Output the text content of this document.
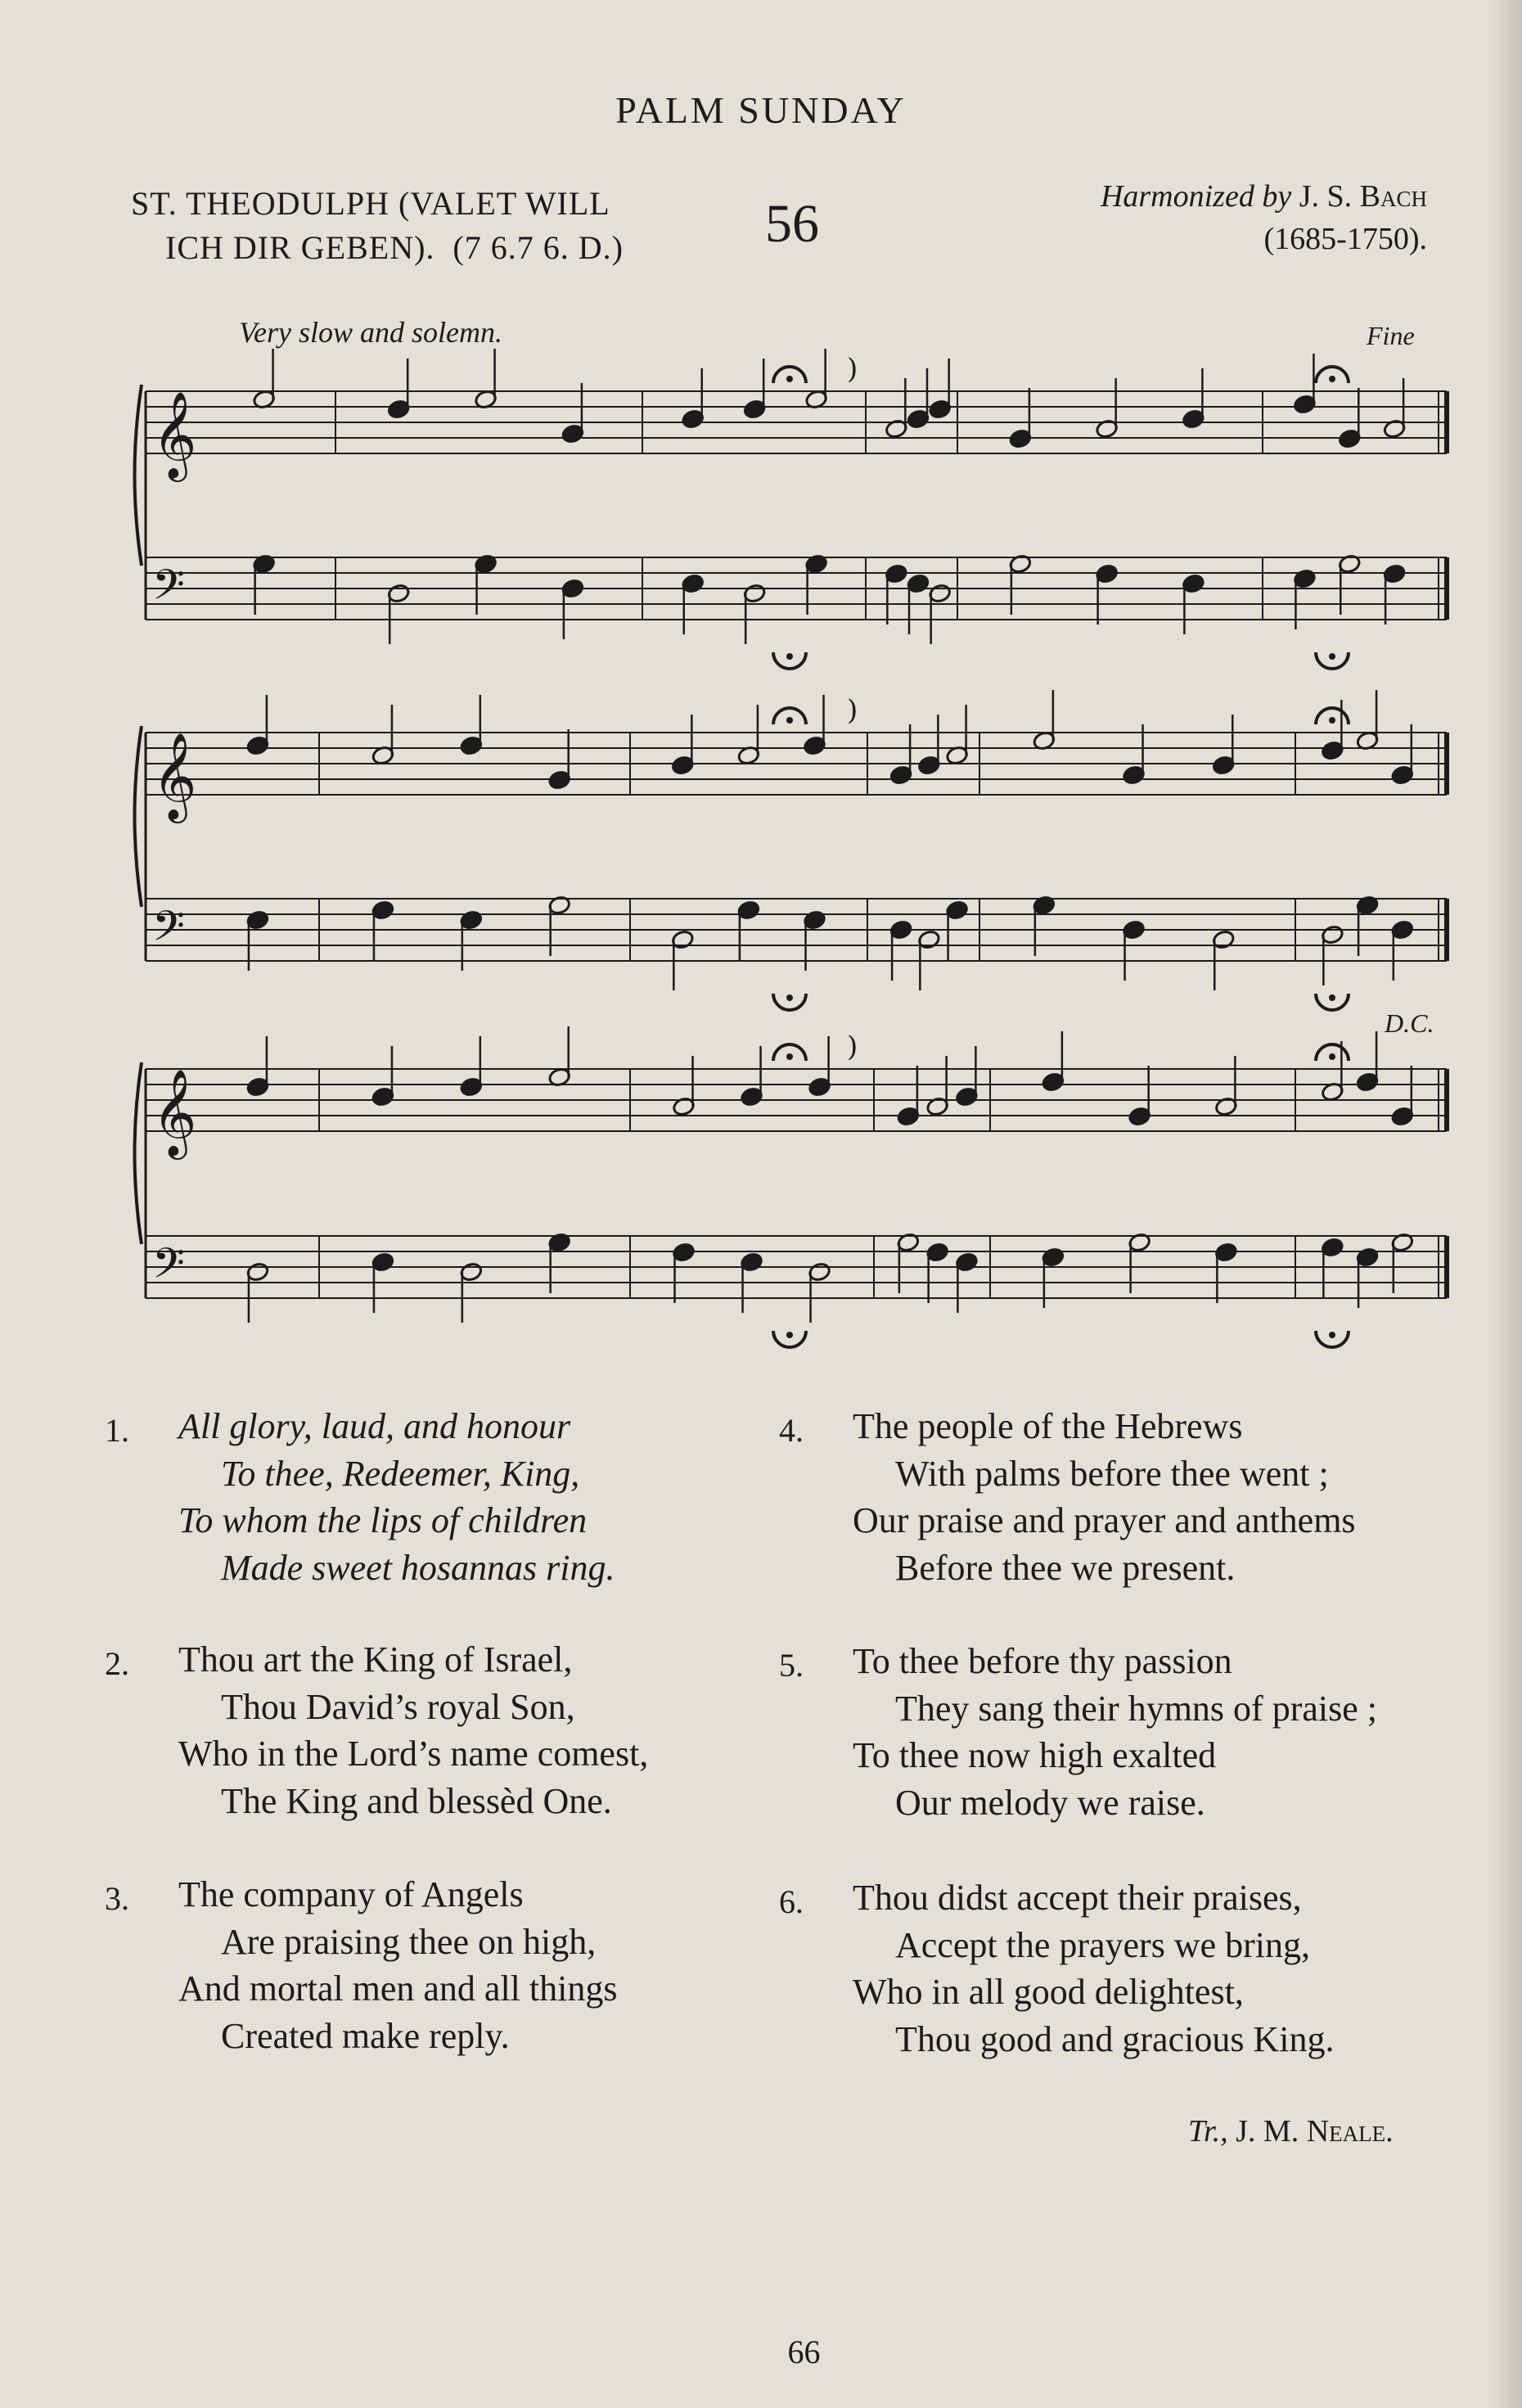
PALM SUNDAY
ST. THEODULPH (VALET WILL
ICH DIR GEBEN). (7 6.7 6. D.)	56	Harmonized by J. S. Bach
(1685-1750).
Very slow and solemn.	Fine
D.C.
𝄞
𝄢
)
𝄞
𝄢
)
𝄞
𝄢
)
1. All glory, laud, and honour
To thee, Redeemer, King,
To whom the lips of children
Made sweet hosannas ring.
2. Thou art the King of Israel,
Thou David’s royal Son,
Who in the Lord’s name comest,
The King and blessèd One.
3. The company of Angels
Are praising thee on high,
And mortal men and all things
Created make reply.
4. The people of the Hebrews
With palms before thee went ;
Our praise and prayer and anthems
Before thee we present.
5. To thee before thy passion
They sang their hymns of praise ;
To thee now high exalted
Our melody we raise.
6. Thou didst accept their praises,
Accept the prayers we bring,
Who in all good delightest,
Thou good and gracious King.
Tr., J. M. Neale.
66
